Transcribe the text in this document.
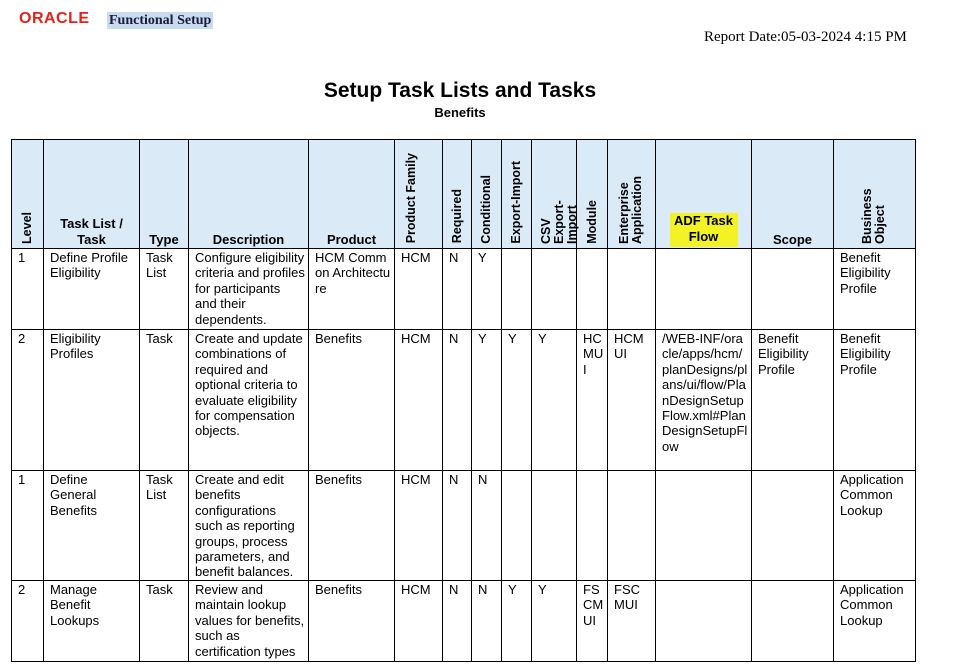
ORACLE Functional Setup
Report Date:05-03-2024 4:15 PM
Setup Task Lists and Tasks
Benefits
Level	Task List / Task	Type	Description	Product	Product Family	Required	Conditional	Export-Import	CSV Export-Import	Module	Enterprise Application	ADF Task Flow	Scope	Business Object
1	Define Profile Eligibility	Task List	Configure eligibility criteria and profiles for participants and their dependents.	HCM Common Architecture	HCM	N	Y							Benefit Eligibility Profile
2	Eligibility Profiles	Task	Create and update combinations of required and optional criteria to evaluate eligibility for compensation objects.	Benefits	HCM	N	Y	Y	Y	HCMUI	HCM UI	/WEB-INF/oracle/apps/hcm/planDesigns/plans/ui/flow/PlanDesignSetupFlow.xml#PlanDesignSetupFlow	Benefit Eligibility Profile	Benefit Eligibility Profile
1	Define General Benefits	Task List	Create and edit benefits configurations such as reporting groups, process parameters, and benefit balances.	Benefits	HCM	N	N							Application Common Lookup
2	Manage Benefit Lookups	Task	Review and maintain lookup values for benefits, such as certification types	Benefits	HCM	N	N	Y	Y	FSCMUI	FSC MUI			Application Common Lookup
